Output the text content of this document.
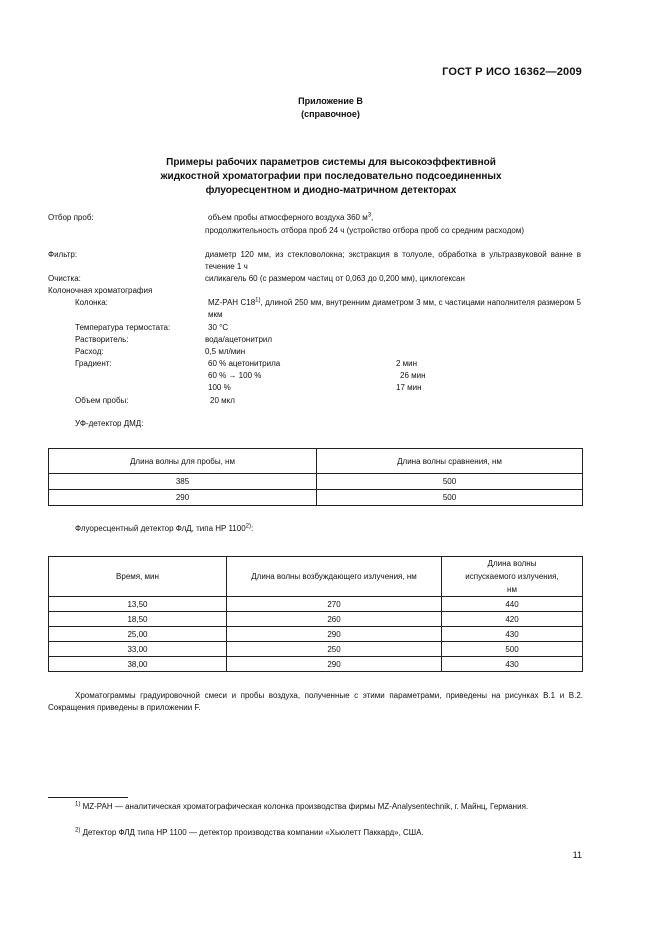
ГОСТ Р ИСО 16362—2009
Приложение В
(справочное)
Примеры рабочих параметров системы для высокоэффективной
жидкостной хроматографии при последовательно подсоединенных
флуоресцентном и диодно-матричном детекторах
Отбор проб:	объем пробы атмосферного воздуха 360 $м^3$,
продолжительность отбора проб 24 ч (устройство отбора проб со средним расходом)
Фильтр:	диаметр 120 мм, из стекловолокна; экстракция в толуоле, обработка в ультразвуковой ванне в течение 1 ч
Очистка:	силикагель 60 (с размером частиц от 0,063 до 0,200 мм), циклогексан
Колоночная хроматография
Колонка:	MZ-PAH C18$^{1)}$, длиной 250 мм, внутренним диаметром 3 мм, с частицами наполнителя размером 5 мкм
Температура термостата:	30 °С
Растворитель:	вода/ацетонитрил
Расход:	0,5 мл/мин
Градиент:	60 % ацетонитрила	2 мин
60 % → 100 %	26 мин
100 %	17 мин
Объем пробы:	20 мкл
УФ-детектор ДМД:
Флуоресцентный детектор ФлД, типа HP 1100$^{2)}$:
Длина волны для пробы, нм	Длина волны сравнения, нм
385	500
290	500
Время, мин	Длина волны возбуждающего излучения, нм	Длина волны испускаемого излучения, нм
13,50	270	440
18,50	260	420
25,00	290	430
33,00	250	500
38,00	290	430
Хроматограммы градуировочной смеси и пробы воздуха, полученные с этими параметрами, приведены на рисунках В.1 и В.2. Сокращения приведены в приложении F.
$^{1)}$ MZ-PAH — аналитическая хроматографическая колонка производства фирмы MZ-Analysentechnik, г. Майнц, Германия.
$^{2)}$ Детектор ФЛД типа HP 1100 — детектор производства компании «Хьюлетт Паккард», США.
11
